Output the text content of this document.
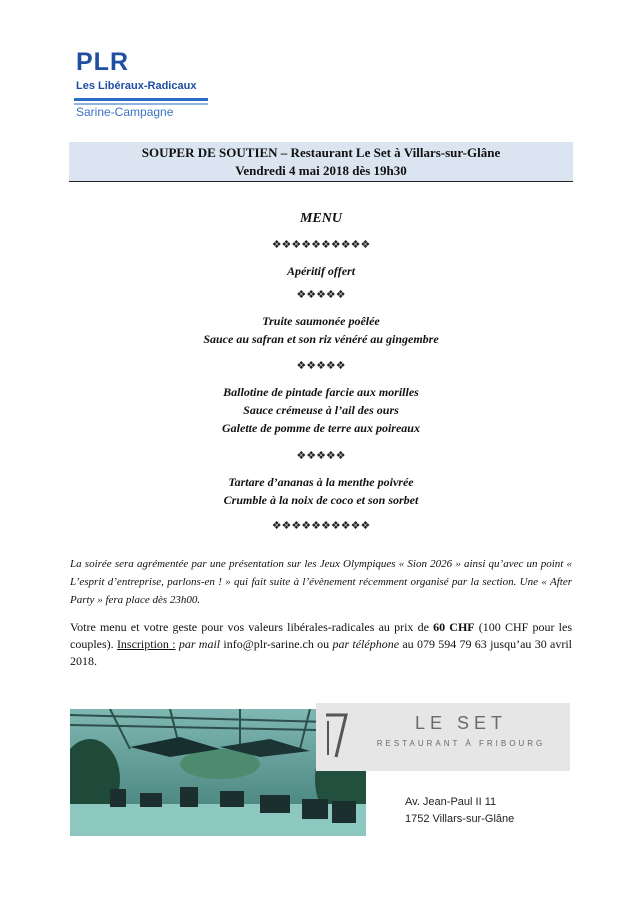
PLR
Les Libéraux-Radicaux
Sarine-Campagne
SOUPER DE SOUTIEN – Restaurant Le Set à Villars-sur-Glâne
Vendredi 4 mai 2018 dès 19h30
MENU
❖❖❖❖❖❖❖❖❖❖
Apéritif offert
❖❖❖❖❖
Truite saumonée poêlée
Sauce au safran et son riz vénéré au gingembre
❖❖❖❖❖
Ballotine de pintade farcie aux morilles
Sauce crémeuse à l’ail des ours
Galette de pomme de terre aux poireaux
❖❖❖❖❖
Tartare d’ananas à la menthe poivrée
Crumble à la noix de coco et son sorbet
❖❖❖❖❖❖❖❖❖❖
La soirée sera agrémentée par une présentation sur les Jeux Olympiques « Sion 2026 » ainsi qu’avec un point « L’esprit d’entreprise, parlons-en ! » qui fait suite à l’évènement récemment organisé par la section. Une « After Party » fera place dès 23h00.
Votre menu et votre geste pour vos valeurs libérales-radicales au prix de 60 CHF (100 CHF pour les couples). Inscription : par mail info@plr-sarine.ch ou par téléphone au 079 594 79 63 jusqu’au 30 avril 2018.
LE SET
RESTAURANT À FRIBOURG
Av. Jean-Paul II 11
1752 Villars-sur-Glâne
